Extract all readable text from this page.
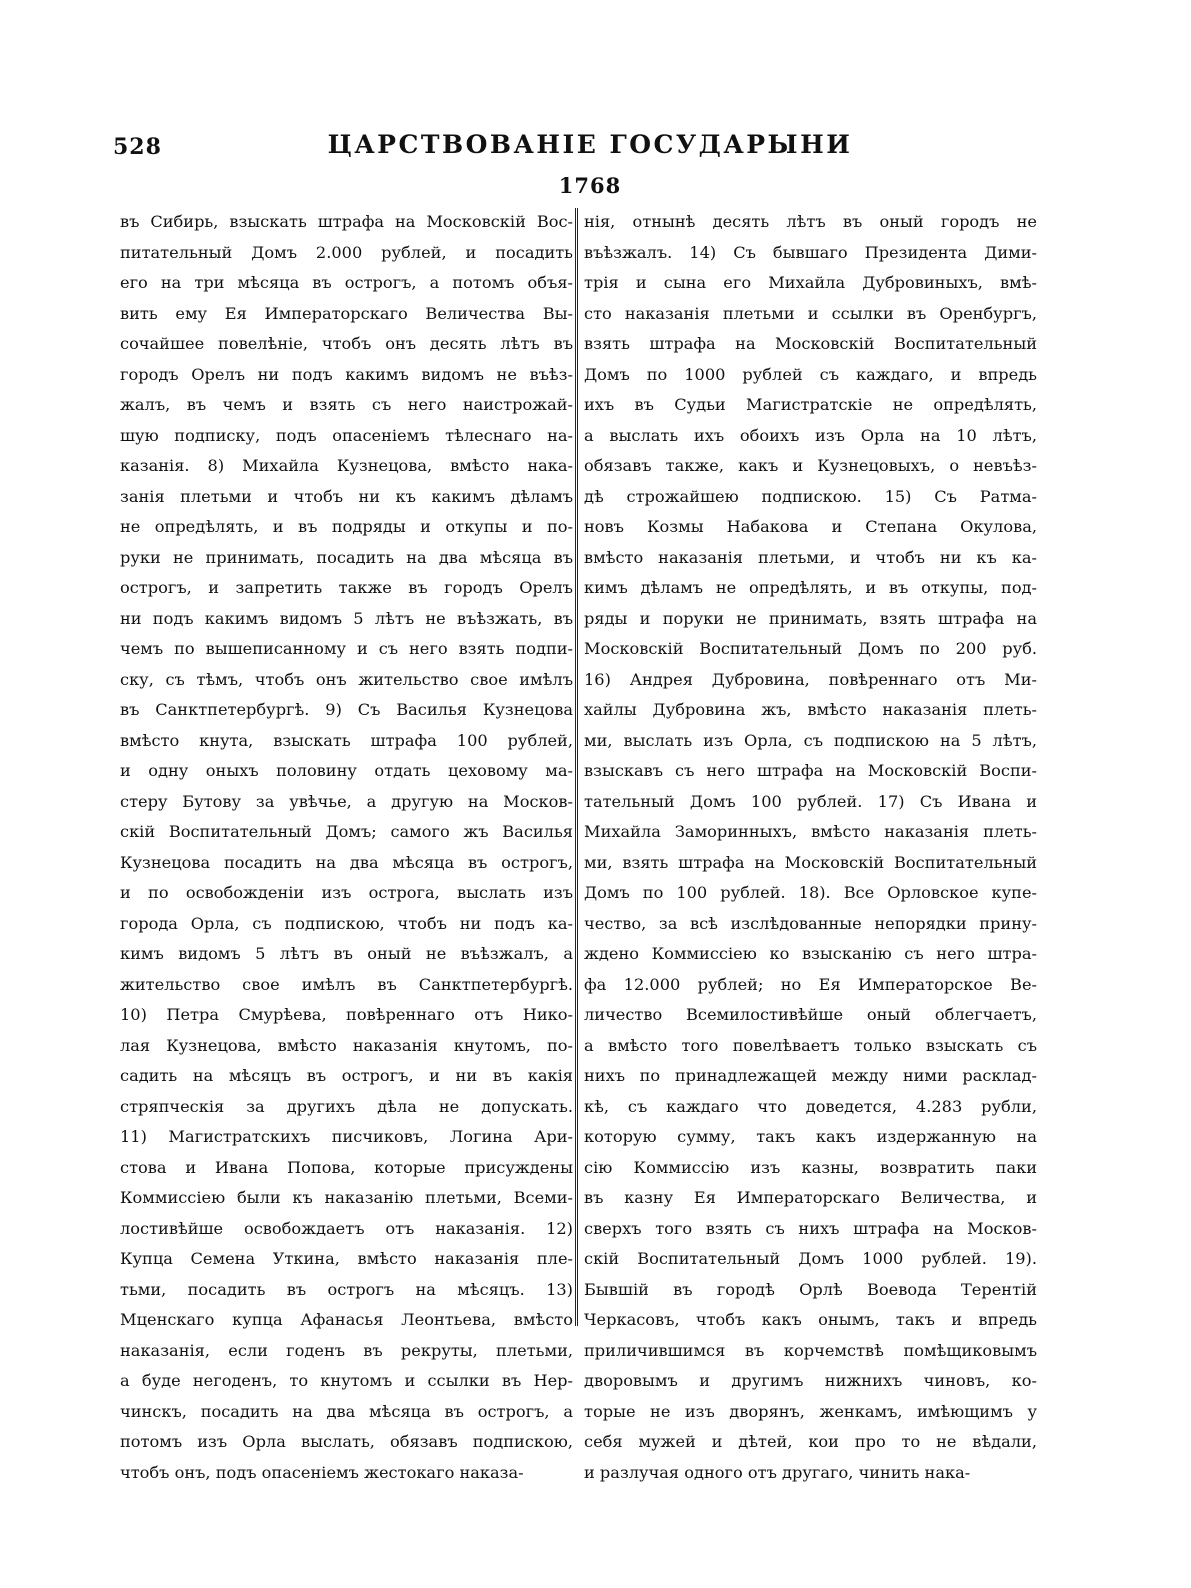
528	ЦАРСТВОВАНІЕ ГОСУДАРЫНИ
1768
въ Сибирь, взыскать штрафа на Московскій Вос-
питательный Домъ 2.000 рублей, и посадить
его на три мѣсяца въ острогъ, а потомъ объя-
вить ему Ея Императорскаго Величества Вы-
сочайшее повелѣніе, чтобъ онъ десять лѣтъ въ
городъ Орелъ ни подъ какимъ видомъ не въѣз-
жалъ, въ чемъ и взять съ него наистрожай-
шую подписку, подъ опасеніемъ тѣлеснаго на-
казанія. 8) Михайла Кузнецова, вмѣсто нака-
занія плетьми и чтобъ ни къ какимъ дѣламъ
не опредѣлять, и въ подряды и откупы и по-
руки не принимать, посадить на два мѣсяца въ
острогъ, и запретить также въ городъ Орелъ
ни подъ какимъ видомъ 5 лѣтъ не въѣзжать, въ
чемъ по вышеписанному и съ него взять подпи-
ску, съ тѣмъ, чтобъ онъ жительство свое имѣлъ
въ Санктпетербургѣ. 9) Съ Василья Кузнецова
вмѣсто кнута, взыскать штрафа 100 рублей,
и одну оныхъ половину отдать цеховому ма-
стеру Бутову за увѣчье, а другую на Москов-
скій Воспитательный Домъ; самого жъ Василья
Кузнецова посадить на два мѣсяца въ острогъ,
и по освобожденіи изъ острога, выслать изъ
города Орла, съ подпискою, чтобъ ни подъ ка-
кимъ видомъ 5 лѣтъ въ оный не въѣзжалъ, а
жительство свое имѣлъ въ Санктпетербургѣ.
10) Петра Смурѣева, повѣреннаго отъ Нико-
лая Кузнецова, вмѣсто наказанія кнутомъ, по-
садить на мѣсяцъ въ острогъ, и ни въ какія
стряпческія за другихъ дѣла не допускать.
11) Магистратскихъ писчиковъ, Логина Ари-
стова и Ивана Попова, которые присуждены
Коммиссіею были къ наказанію плетьми, Всеми-
лостивѣйше освобождаетъ отъ наказанія. 12)
Купца Семена Уткина, вмѣсто наказанія пле-
тьми, посадить въ острогъ на мѣсяцъ. 13)
Мценскаго купца Афанасья Леонтьева, вмѣсто
наказанія, если годенъ въ рекруты, плетьми,
а буде негоденъ, то кнутомъ и ссылки въ Нер-
чинскъ, посадить на два мѣсяца въ острогъ, а
потомъ изъ Орла выслать, обязавъ подпискою,
чтобъ онъ, подъ опасеніемъ жестокаго наказа-
нія, отнынѣ десять лѣтъ въ оный городъ не
въѣзжалъ. 14) Съ бывшаго Президента Дими-
трія и сына его Михайла Дубровиныхъ, вмѣ-
сто наказанія плетьми и ссылки въ Оренбургъ,
взять штрафа на Московскій Воспитательный
Домъ по 1000 рублей съ каждаго, и впредь
ихъ въ Судьи Магистратскіе не опредѣлять,
а выслать ихъ обоихъ изъ Орла на 10 лѣтъ,
обязавъ также, какъ и Кузнецовыхъ, о невъѣз-
дѣ строжайшею подпискою. 15) Съ Ратма-
новъ Козмы Набакова и Степана Окулова,
вмѣсто наказанія плетьми, и чтобъ ни къ ка-
кимъ дѣламъ не опредѣлять, и въ откупы, под-
ряды и поруки не принимать, взять штрафа на
Московскій Воспитательный Домъ по 200 руб.
16) Андрея Дубровина, повѣреннаго отъ Ми-
хайлы Дубровина жъ, вмѣсто наказанія плеть-
ми, выслать изъ Орла, съ подпискою на 5 лѣтъ,
взыскавъ съ него штрафа на Московскій Воспи-
тательный Домъ 100 рублей. 17) Съ Ивана и
Михайла Заморинныхъ, вмѣсто наказанія плеть-
ми, взять штрафа на Московскій Воспитательный
Домъ по 100 рублей. 18). Все Орловское купе-
чество, за всѣ изслѣдованные непорядки прину-
ждено Коммиссіею ко взысканію съ него штра-
фа 12.000 рублей; но Ея Императорское Ве-
личество Всемилостивѣйше оный облегчаетъ,
а вмѣсто того повелѣваетъ только взыскать съ
нихъ по принадлежащей между ними расклад-
кѣ, съ каждаго что доведется, 4.283 рубли,
которую сумму, такъ какъ издержанную на
сію Коммиссію изъ казны, возвратить паки
въ казну Ея Императорскаго Величества, и
сверхъ того взять съ нихъ штрафа на Москов-
скій Воспитательный Домъ 1000 рублей. 19).
Бывшій въ городѣ Орлѣ Воевода Терентій
Черкасовъ, чтобъ какъ онымъ, такъ и впредь
приличившимся въ корчемствѣ помѣщиковымъ
дворовымъ и другимъ нижнихъ чиновъ, ко-
торые не изъ дворянъ, женкамъ, имѣющимъ у
себя мужей и дѣтей, кои про то не вѣдали,
и разлучая одного отъ другаго, чинить нака-
